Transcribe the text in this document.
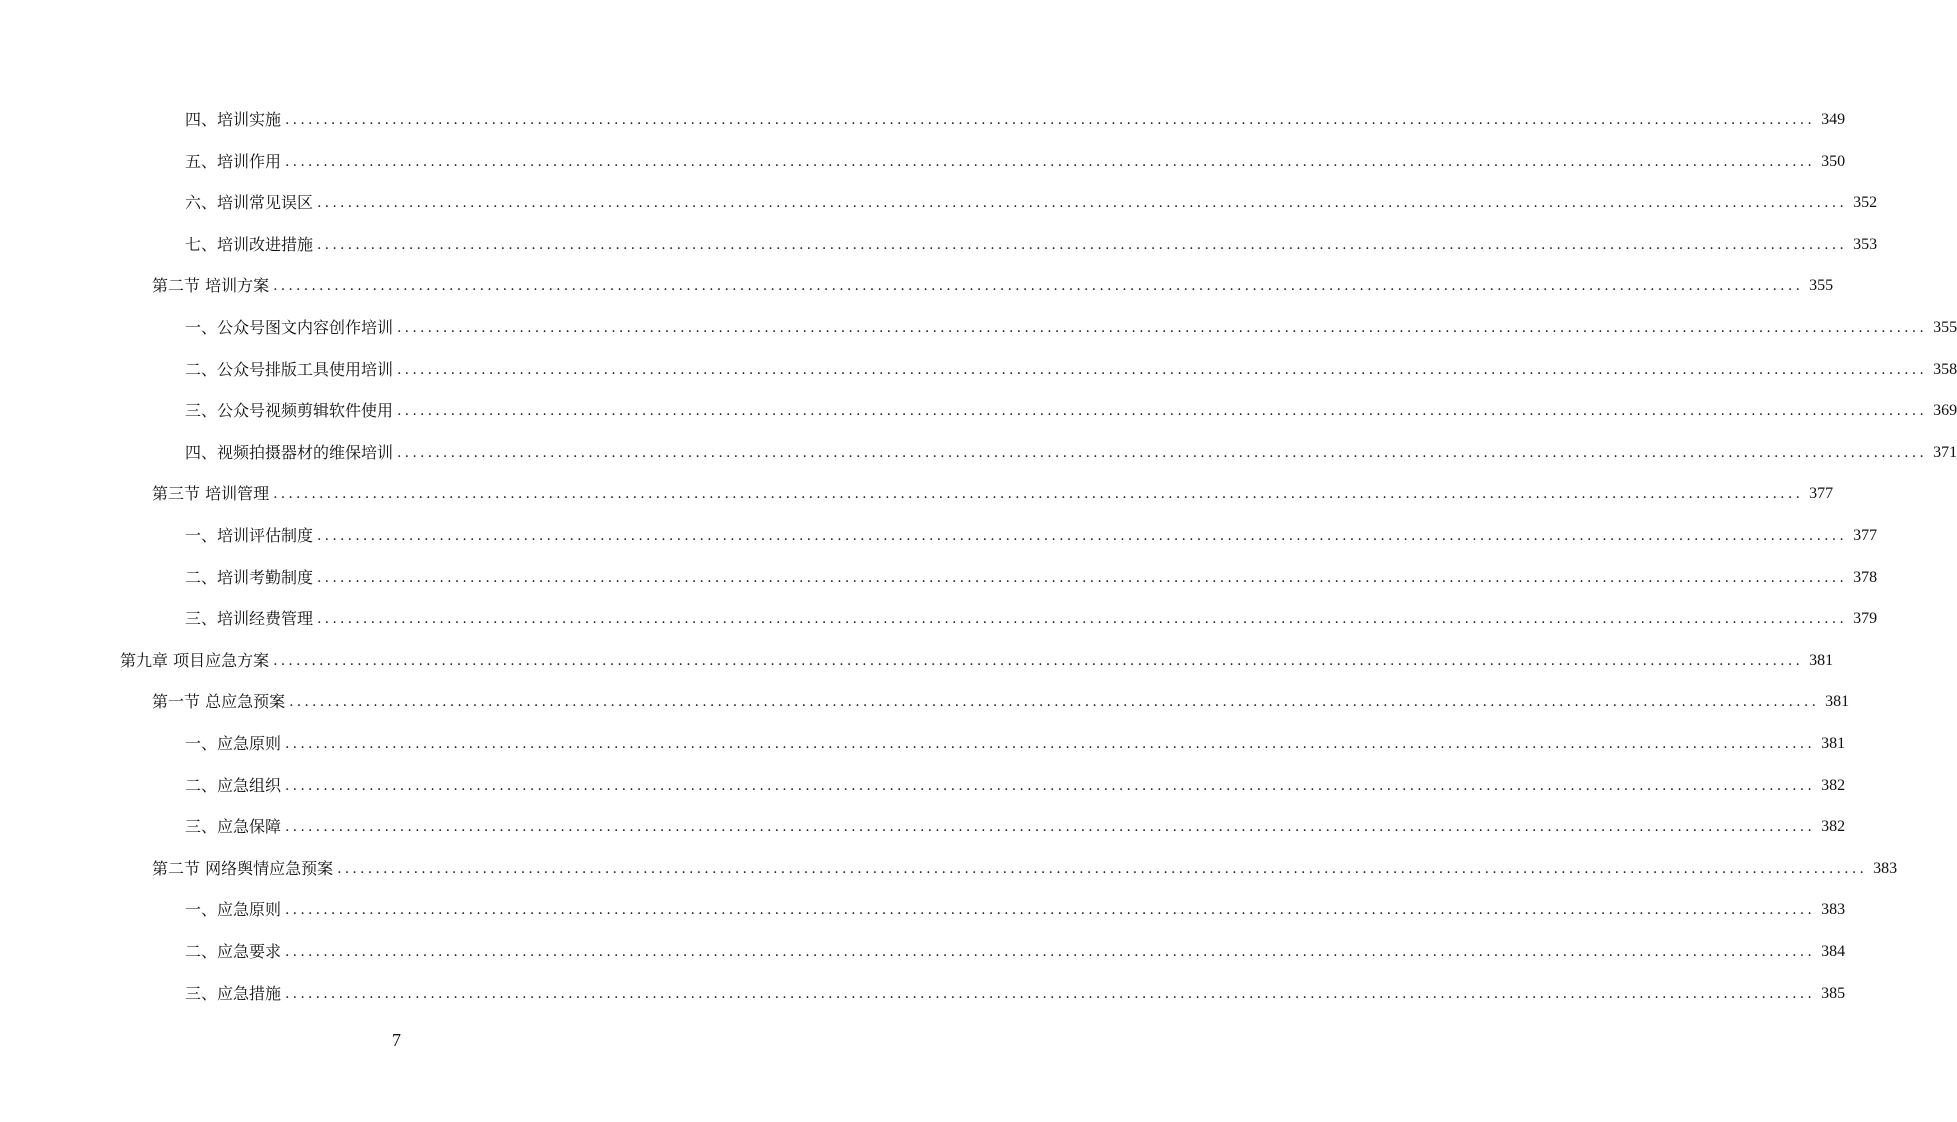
四、培训实施 ........................................................................................................................................................................................................ 349
五、培训作用 ........................................................................................................................................................................................................ 350
六、培训常见误区 ........................................................................................................................................................................................................ 352
七、培训改进措施 ........................................................................................................................................................................................................ 353
第二节 培训方案 ........................................................................................................................................................................................................ 355
一、公众号图文内容创作培训 ........................................................................................................................................................................................................ 355
二、公众号排版工具使用培训 ........................................................................................................................................................................................................ 358
三、公众号视频剪辑软件使用 ........................................................................................................................................................................................................ 369
四、视频拍摄器材的维保培训 ........................................................................................................................................................................................................ 371
第三节 培训管理 ........................................................................................................................................................................................................ 377
一、培训评估制度 ........................................................................................................................................................................................................ 377
二、培训考勤制度 ........................................................................................................................................................................................................ 378
三、培训经费管理 ........................................................................................................................................................................................................ 379
第九章 项目应急方案 ........................................................................................................................................................................................................ 381
第一节 总应急预案 ........................................................................................................................................................................................................ 381
一、应急原则 ........................................................................................................................................................................................................ 381
二、应急组织 ........................................................................................................................................................................................................ 382
三、应急保障 ........................................................................................................................................................................................................ 382
第二节 网络舆情应急预案 ........................................................................................................................................................................................................ 383
一、应急原则 ........................................................................................................................................................................................................ 383
二、应急要求 ........................................................................................................................................................................................................ 384
三、应急措施 ........................................................................................................................................................................................................ 385
7
